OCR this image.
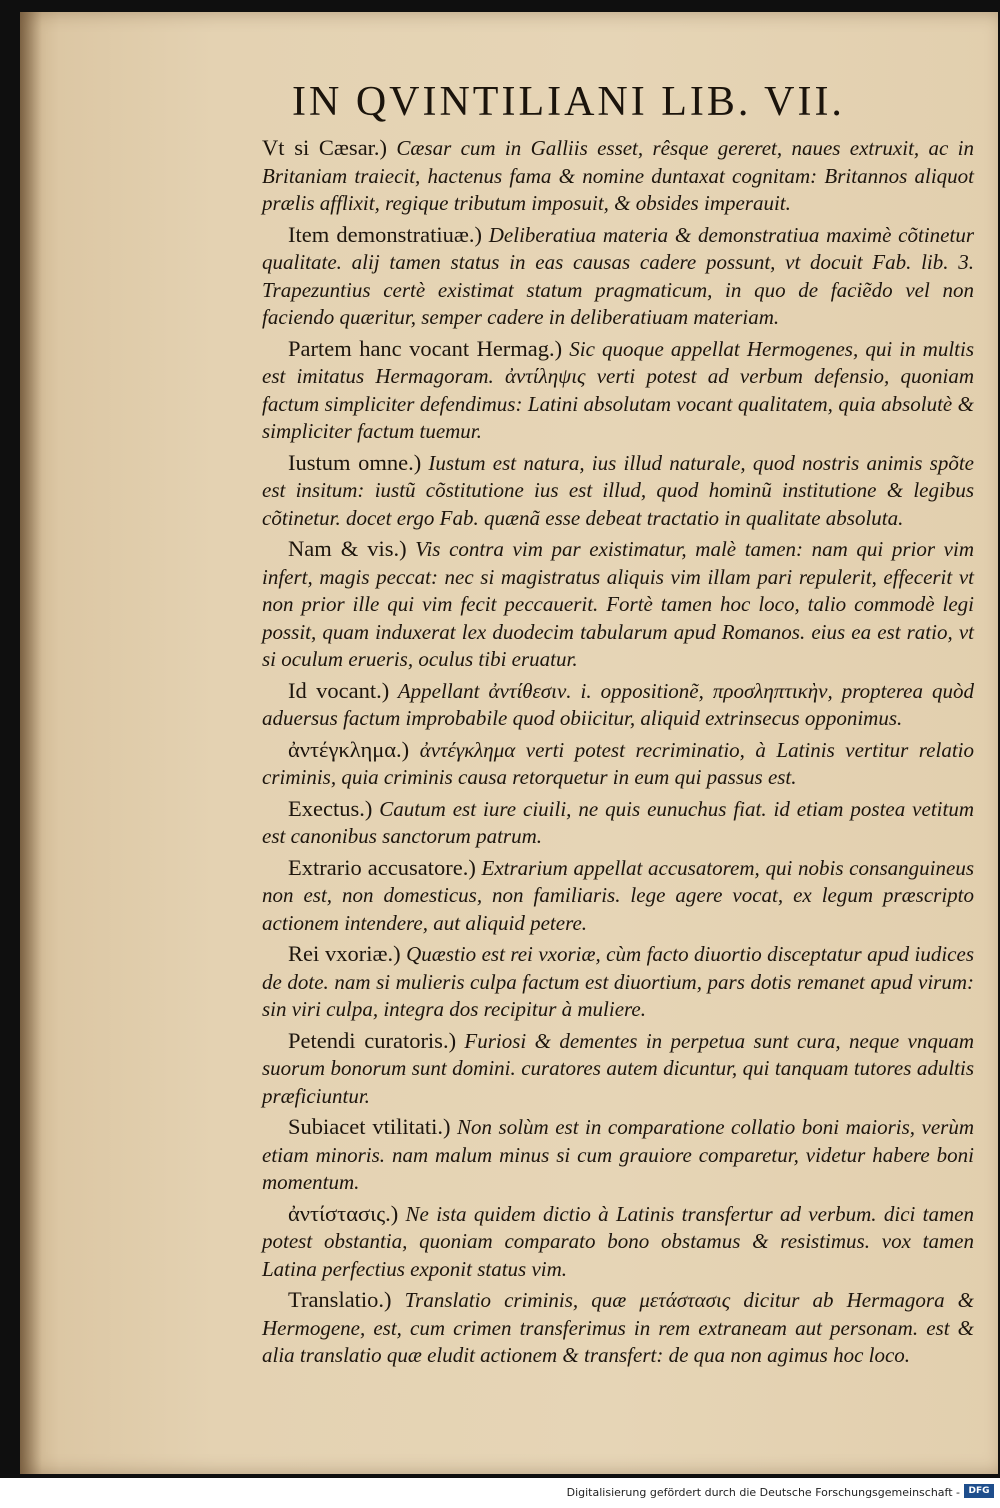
IN QVINTILIANI LIB. VII.

Vt si Cæsar.) Cæsar cum in Galliis esset, rêsque gereret, naues extruxit, ac in Britaniam traiecit, hactenus fama & nomine duntaxat cognitam: Britannos aliquot prælis afflixit, regique tributum imposuit, & obsides imperauit.

Item demonstratiuæ.) Deliberatiua materia & demonstratiua maximè cõtinetur qualitate. alij tamen status in eas causas cadere possunt, vt docuit Fab. lib. 3. Trapezuntius certè existimat statum pragmaticum, in quo de faciẽdo vel non faciendo quæritur, semper cadere in deliberatiuam materiam.

Partem hanc vocant Hermag.) Sic quoque appellat Hermogenes, qui in multis est imitatus Hermagoram. ἀντίληψις verti potest ad verbum defensio, quoniam factum simpliciter defendimus: Latini absolutam vocant qualitatem, quia absolutè & simpliciter factum tuemur.

Iustum omne.) Iustum est natura, ius illud naturale, quod nostris animis spõte est insitum: iustũ cõstitutione ius est illud, quod hominũ institutione & legibus cõtinetur. docet ergo Fab. quænã esse debeat tractatio in qualitate absoluta.

Nam & vis.) Vis contra vim par existimatur, malè tamen: nam qui prior vim infert, magis peccat: nec si magistratus aliquis vim illam pari repulerit, effecerit vt non prior ille qui vim fecit peccauerit. Fortè tamen hoc loco, talio commodè legi possit, quam induxerat lex duodecim tabularum apud Romanos. eius ea est ratio, vt si oculum erueris, oculus tibi eruatur.

Id vocant.) Appellant ἀντίθεσιν. i. oppositionẽ, προσληπτικὴν, propterea quòd aduersus factum improbabile quod obiicitur, aliquid extrinsecus opponimus.

ἀντέγκλημα.) ἀντέγκλημα verti potest recriminatio, à Latinis vertitur relatio criminis, quia criminis causa retorquetur in eum qui passus est.

Exectus.) Cautum est iure ciuili, ne quis eunuchus fiat. id etiam postea vetitum est canonibus sanctorum patrum.

Extrario accusatore.) Extrarium appellat accusatorem, qui nobis consanguineus non est, non domesticus, non familiaris. lege agere vocat, ex legum præscripto actionem intendere, aut aliquid petere.

Rei vxoriæ.) Quæstio est rei vxoriæ, cùm facto diuortio disceptatur apud iudices de dote. nam si mulieris culpa factum est diuortium, pars dotis remanet apud virum: sin viri culpa, integra dos recipitur à muliere.

Petendi curatoris.) Furiosi & dementes in perpetua sunt cura, neque vnquam suorum bonorum sunt domini. curatores autem dicuntur, qui tanquam tutores adultis præficiuntur.

Subiacet vtilitati.) Non solùm est in comparatione collatio boni maioris, verùm etiam minoris. nam malum minus si cum grauiore comparetur, videtur habere boni momentum.

ἀντίστασις.) Ne ista quidem dictio à Latinis transfertur ad verbum. dici tamen potest obstantia, quoniam comparato bono obstamus & resistimus. vox tamen Latina perfectius exponit status vim.

Translatio.) Translatio criminis, quæ μετάστασις dicitur ab Hermagora & Hermogene, est, cum crimen transferimus in rem extraneam aut personam. est & alia translatio quæ eludit actionem & transfert: de qua non agimus hoc loco.

Digitalisierung gefördert durch die Deutsche Forschungsgemeinschaft - DFG
